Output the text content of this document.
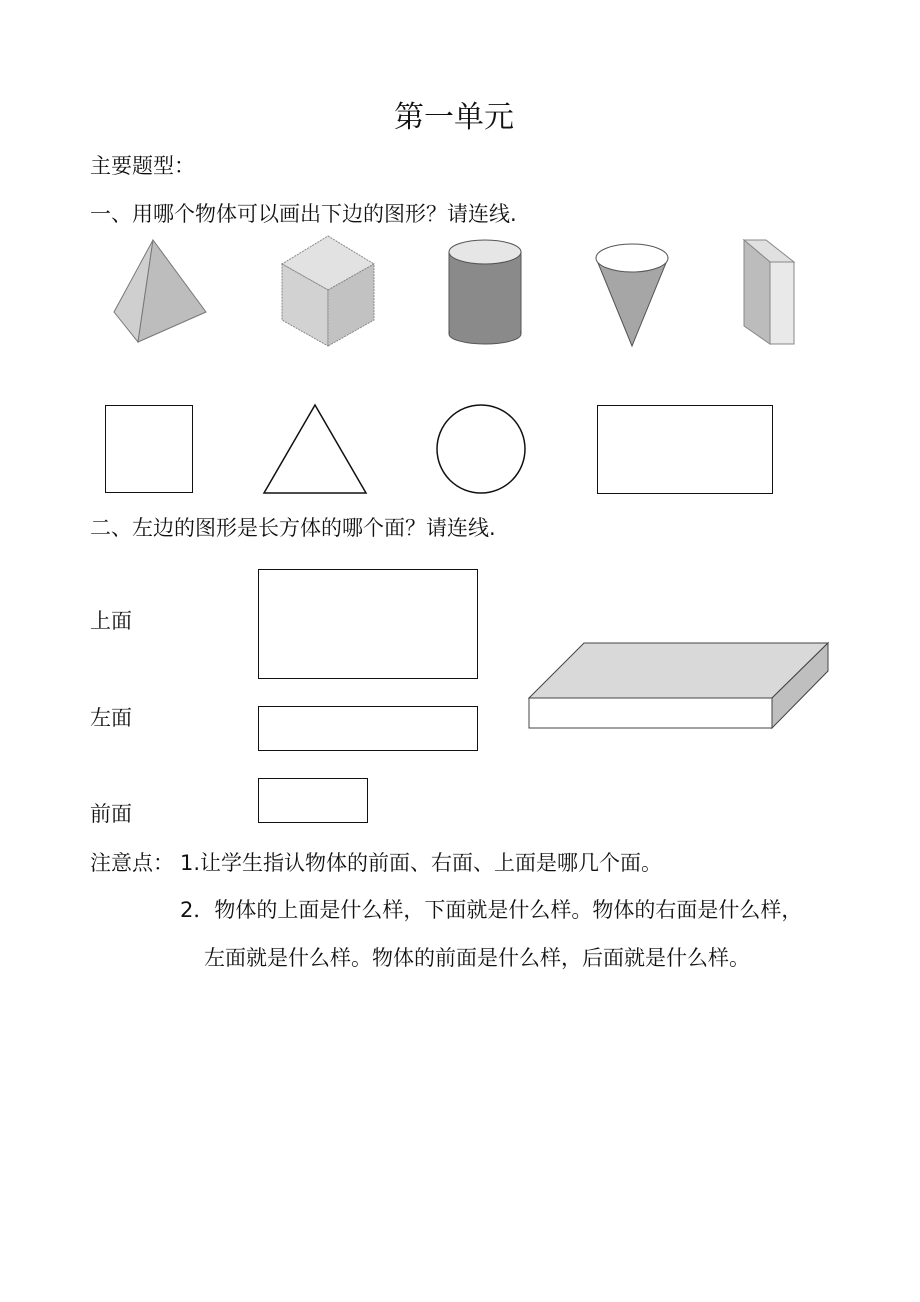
第一单元
主要题型：
一、用哪个物体可以画出下边的图形？请连线.
二、左边的图形是长方体的哪个面？请连线.
上面
左面
前面
注意点： 1.让学生指认物体的前面、右面、上面是哪几个面。
2．物体的上面是什么样，下面就是什么样。物体的右面是什么样，
左面就是什么样。物体的前面是什么样，后面就是什么样。
